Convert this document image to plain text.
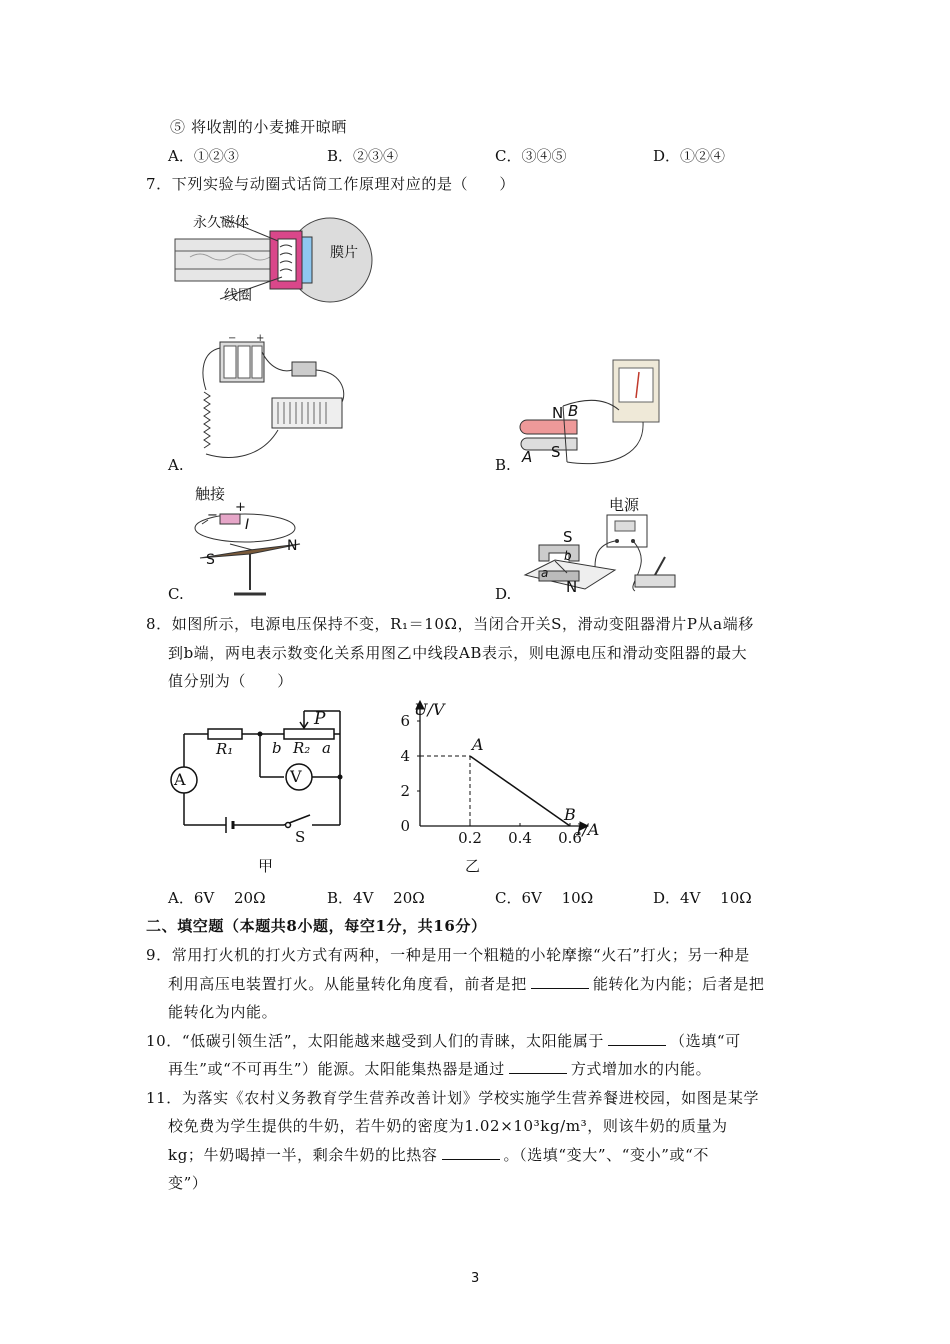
⑤ 将收割的小麦摊开晾晒
A．①②③	B．②③④	C．③④⑤	D．①②④
7．下列实验与动圈式话筒工作原理对应的是（　　）
永久磁体
膜片
线圈
− +
A.
N B
A S
B.
触接
−
+
I
S
N
C.
电源
S
N
b
a
D.
8．如图所示，电源电压保持不变，R₁＝10Ω，当闭合开关S，滑动变阻器滑片P从a端移
到b端，两电表示数变化关系用图乙中线段AB表示，则电源电压和滑动变阻器的最大
值分别为（　　）
A	V
R₁	b R₂ a
P
S
甲
0
2
4
6
0.2 0.4 0.6
A
B
U/V
I/A
乙
A．6V　 20Ω	B．4V　 20Ω	C．6V　 10Ω	D．4V　 10Ω
二、填空题（本题共8小题，每空1分，共16分）
9．常用打火机的打火方式有两种，一种是用一个粗糙的小轮摩擦“火石”打火；另一种是
利用高压电装置打火。从能量转化角度看，前者是把	能转化为内能；后者是把
能转化为内能。
10．“低碳引领生活”，太阳能越来越受到人们的青睐，太阳能属于	（选填“可
再生”或“不可再生”）能源。太阳能集热器是通过	方式增加水的内能。
11．为落实《农村义务教育学生营养改善计划》学校实施学生营养餐进校园，如图是某学
校免费为学生提供的牛奶，若牛奶的密度为1.02×10³kg/m³，则该牛奶的质量为
kg；牛奶喝掉一半，剩余牛奶的比热容	。（选填“变大”、“变小”或“不
变”）
3
